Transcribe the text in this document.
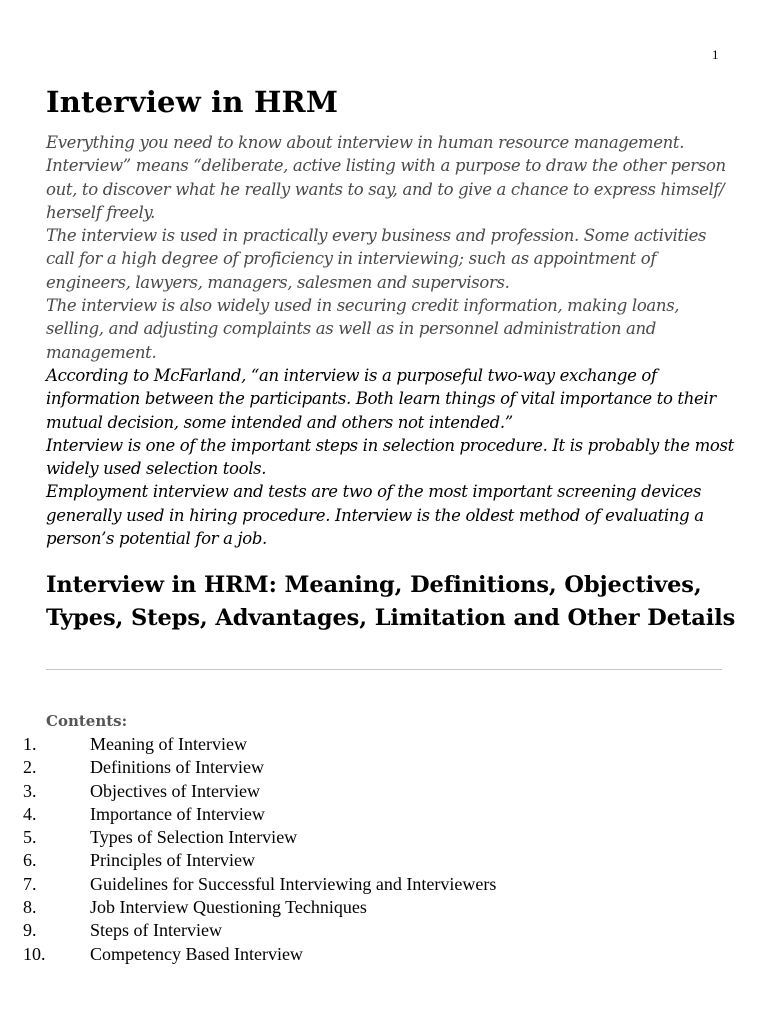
1
Interview in HRM

Everything you need to know about interview in human resource management. Interview” means “deliberate, active listing with a purpose to draw the other person out, to discover what he really wants to say, and to give a chance to express himself/ herself freely.

The interview is used in practically every business and profession. Some activities call for a high degree of proficiency in interviewing; such as appointment of engineers, lawyers, managers, salesmen and supervisors.

The interview is also widely used in securing credit information, making loans, selling, and adjusting complaints as well as in personnel administration and management.

According to McFarland, “an interview is a purposeful two-way exchange of information between the participants. Both learn things of vital importance to their mutual decision, some intended and others not intended.”

Interview is one of the important steps in selection procedure. It is probably the most widely used selection tools.

Employment interview and tests are two of the most important screening devices generally used in hiring procedure. Interview is the oldest method of evaluating a person’s potential for a job.

Interview in HRM: Meaning, Definitions, Objectives, Types, Steps, Advantages, Limitation and Other Details
Contents:
1.	Meaning of Interview
2.	Definitions of Interview
3.	Objectives of Interview
4.	Importance of Interview
5.	Types of Selection Interview
6.	Principles of Interview
7.	Guidelines for Successful Interviewing and Interviewers
8.	Job Interview Questioning Techniques
9.	Steps of Interview
10. Competency Based Interview
